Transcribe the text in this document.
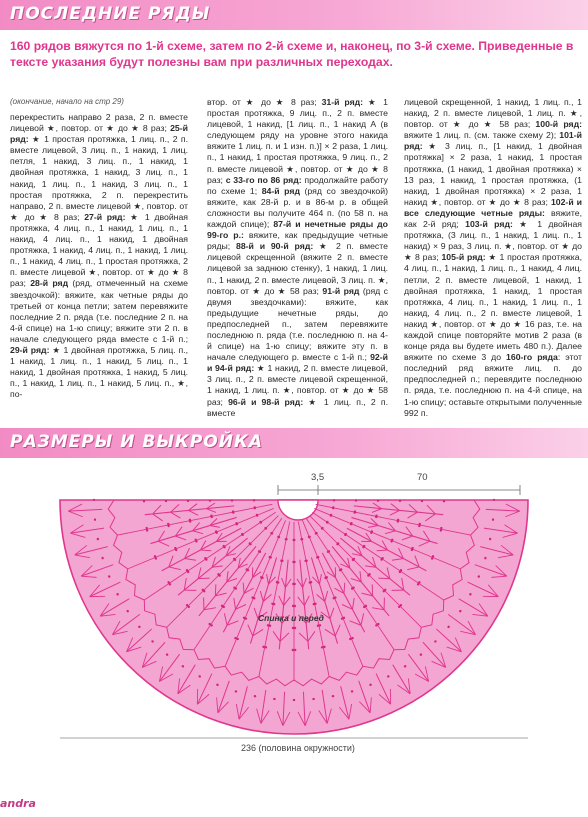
ПОСЛЕДНИЕ РЯДЫ
160 рядов вяжутся по 1-й схеме, затем по 2-й схеме и, наконец, по 3-й схеме. Приведенные в тексте указания будут полезны вам при различных переходах.
(окончание, начало на стр 29)
перекрестить направо 2 раза, 2 п. вместе лицевой ★, повтор. от ★ до ★ 8 раз; 25-й ряд: ★ 1 простая протяжка, 1 лиц. п., 2 п. вместе лицевой, 3 лиц. п., 1 накид, 1 лиц. петля, 1 накид, 3 лиц. п., 1 накид, 1 двойная протяжка, 1 накид, 3 лиц. п., 1 накид, 1 лиц. п., 1 накид, 3 лиц. п., 1 простая протяжка, 2 п. перекрестить направо, 2 п. вместе лицевой ★, повтор. от ★ до ★ 8 раз; 27-й ряд: ★ 1 двойная протяжка, 4 лиц. п., 1 накид, 1 лиц. п., 1 накид, 4 лиц. п., 1 накид, 1 двойная протяжка, 1 накид, 4 лиц. п., 1 накид, 1 лиц. п., 1 накид, 4 лиц. п., 1 простая протяжка, 2 п. вместе лицевой ★, повтор. от ★ до ★ 8 раз; 28-й ряд (ряд, отмеченный на схеме звездочкой): вяжите, как четные ряды до третьей от конца петли; затем перевяжите последние 2 п. ряда (т.е. последние 2 п. на 4-й спице) на 1-ю спицу; вяжите эти 2 п. в начале следующего ряда вместе с 1-й п.; 29-й ряд: ★ 1 двойная протяжка, 5 лиц. п., 1 накид, 1 лиц. п., 1 накид, 5 лиц. п., 1 накид, 1 двойная протяжка, 1 накид, 5 лиц. п., 1 накид, 1 лиц. п., 1 накид, 5 лиц. п., ★, по-
втор. от ★ до ★ 8 раз; 31-й ряд: ★ 1 простая протяжка, 9 лиц. п., 2 п. вместе лицевой, 1 накид, [1 лиц. п., 1 накид А (в следующем ряду на уровне этого накида вяжите 1 лиц. п. и 1 изн. п.)] × 2 раза, 1 лиц. п., 1 накид, 1 простая протяжка, 9 лиц. п., 2 п. вместе лицевой ★, повтор. от ★ до ★ 8 раз; с 33-го по 86 ряд: продолжайте работу по схеме 1; 84-й ряд (ряд со звездочкой) вяжите, как 28-й р. и в 86-м р. в общей сложности вы получите 464 п. (по 58 п. на каждой спице); 87-й и нечетные ряды до 99-го р.: вяжите, как предыдущие четные ряды; 88-й и 90-й ряд: ★ 2 п. вместе лицевой скрещенной (вяжите 2 п. вместе лицевой за заднюю стенку), 1 накид, 1 лиц. п., 1 накид, 2 п. вместе лицевой, 3 лиц. п. ★, повтор. от ★ до ★ 58 раз; 91-й ряд (ряд с двумя звездочками): вяжите, как предыдущие нечетные ряды, до предпоследней п., затем перевяжите последнюю п. ряда (т.е. последнюю п. на 4-й спице) на 1-ю спицу; вяжите эту п. в начале следующего р. вместе с 1-й п.; 92-й и 94-й ряд: ★ 1 накид, 2 п. вместе лицевой, 3 лиц. п., 2 п. вместе лицевой скрещенной, 1 накид, 1 лиц. п. ★, повтор. от ★ до ★ 58 раз; 96-й и 98-й ряд: ★ 1 лиц. п., 2 п. вместе
лицевой скрещенной, 1 накид, 1 лиц. п., 1 накид, 2 п. вместе лицевой, 1 лиц. п. ★, повтор. от ★ до ★ 58 раз; 100-й ряд: вяжите 1 лиц. п. (см. также схему 2); 101-й ряд: ★ 3 лиц. п., [1 накид, 1 двойная протяжка] × 2 раза, 1 накид, 1 простая протяжка, (1 накид, 1 двойная протяжка) × 13 раз, 1 накид, 1 простая протяжка, (1 накид, 1 двойная протяжка) × 2 раза, 1 накид ★, повтор. от ★ до ★ 8 раз; 102-й и все следующие четные ряды: вяжите, как 2-й ряд; 103-й ряд: ★ 1 двойная протяжка, (3 лиц. п., 1 накид, 1 лиц. п., 1 накид) × 9 раз, 3 лиц. п. ★, повтор. от ★ до ★ 8 раз; 105-й ряд: ★ 1 простая протяжка, 4 лиц. п., 1 накид, 1 лиц. п., 1 накид, 4 лиц. петли, 2 п. вместе лицевой, 1 накид, 1 двойная протяжка, 1 накид, 1 простая протяжка, 4 лиц. п., 1 накид, 1 лиц. п., 1 накид, 4 лиц. п., 2 п. вместе лицевой, 1 накид ★, повтор. от ★ до ★ 16 раз, т.е. на каждой спице повторяйте мотив 2 раза (в конце ряда вы будете иметь 480 п.). Далее вяжите по схеме 3 до 160-го ряда: этот последний ряд вяжите лиц. п. до предпоследней п.; перевядите последнюю п. ряда, т.е. последнюю п. на 4-й спице, на 1-ю спицу; оставьте открытыми полученные 992 п.
РАЗМЕРЫ И ВЫКРОЙКА
3,5	70
Спинка и перед
236 (половина окружности)
andra
